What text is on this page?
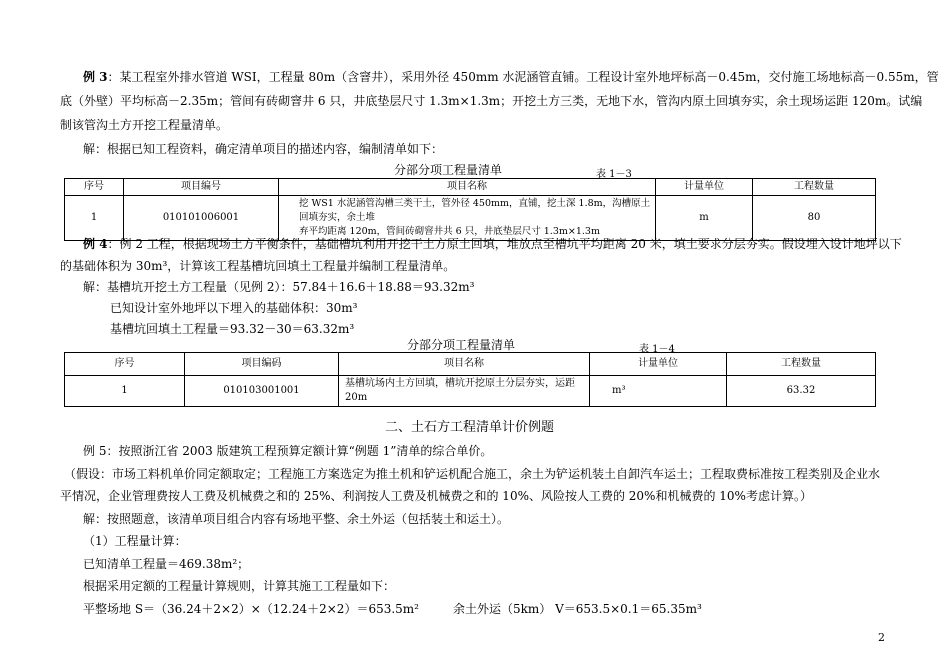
例 3：某工程室外排水管道 WSI，工程量 80m（含窨井），采用外径 450mm 水泥涵管直铺。工程设计室外地坪标高－0.45m，交付施工场地标高－0.55m，管
底（外壁）平均标高－2.35m；管间有砖砌窨井 6 只，井底垫层尺寸 1.3m×1.3m；开挖土方三类，无地下水，管沟内原土回填夯实，余土现场运距 120m。试编
制该管沟土方开挖工程量清单。
解：根据已知工程资料，确定清单项目的描述内容，编制清单如下：
分部分项工程量清单	表 1－3
序号	项目编号	项目名称	计量单位	工程数量
1	010101006001	挖 WS1 水泥涵管沟槽三类干土，管外径 450mm，直铺，挖土深 1.8m，沟槽原土回填夯实，余土堆
弃平均距离 120m，管间砖砌窨井共 6 只，井底垫层尺寸 1.3m×1.3m	m	80
例 4：例 2 工程，根据现场土方平衡条件，基础槽坑利用开挖干土方原土回填，堆放点至槽坑平均距离 20 米，填土要求分层夯实。假设埋入设计地坪以下
的基础体积为 30m³，计算该工程基槽坑回填土工程量并编制工程量清单。
解：基槽坑开挖土方工程量（见例 2）：57.84＋16.6＋18.88＝93.32m³
已知设计室外地坪以下埋入的基础体积：30m³
基槽坑回填土工程量＝93.32－30＝63.32m³
分部分项工程量清单	表 1－4
序号	项目编码	项目名称	计量单位	工程数量
1	010103001001	基槽坑场内土方回填，槽坑开挖原土分层夯实，运距 20m	m³	63.32
二、土石方工程清单计价例题
例 5：按照浙江省 2003 版建筑工程预算定额计算“例题 1”清单的综合单价。
（假设：市场工料机单价同定额取定；工程施工方案选定为推土机和铲运机配合施工，余土为铲运机装土自卸汽车运土；工程取费标准按工程类别及企业水
平情况，企业管理费按人工费及机械费之和的 25%、利润按人工费及机械费之和的 10%、风险按人工费的 20%和机械费的 10%考虑计算。）
解：按照题意，该清单项目组合内容有场地平整、余土外运（包括装土和运土）。
（1）工程量计算：
已知清单工程量＝469.38m²；
根据采用定额的工程量计算规则，计算其施工工程量如下：
平整场地 S＝（36.24＋2×2）×（12.24＋2×2）＝653.5m²	余土外运（5km） V＝653.5×0.1＝65.35m³
2
